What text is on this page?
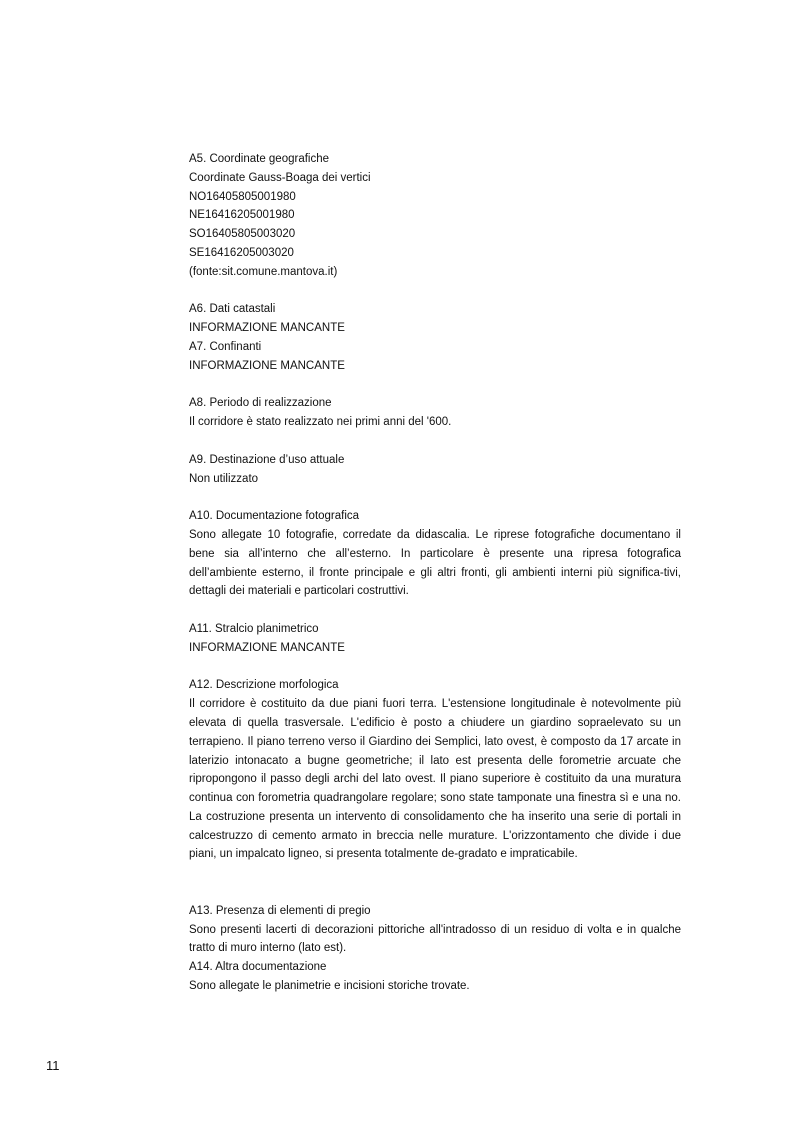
A5. Coordinate geografiche
Coordinate Gauss-Boaga dei vertici
NO16405805001980
NE16416205001980
SO16405805003020
SE16416205003020
(fonte:sit.comune.mantova.it)
A6. Dati catastali
INFORMAZIONE MANCANTE
A7. Confinanti
INFORMAZIONE MANCANTE
A8. Periodo di realizzazione
Il corridore è stato realizzato nei primi anni del '600.
A9. Destinazione d’uso attuale
Non utilizzato
A10. Documentazione fotografica

Sono allegate 10 fotografie, corredate da didascalia. Le riprese fotografiche documentano il bene sia all’interno che all’esterno. In particolare è presente una ripresa fotografica dell’ambiente esterno, il fronte principale e gli altri fronti, gli ambienti interni più significa-tivi, dettagli dei materiali e particolari costruttivi.

A11. Stralcio planimetrico
INFORMAZIONE MANCANTE
A12. Descrizione morfologica

Il corridore è costituito da due piani fuori terra. L'estensione longitudinale è notevolmente più elevata di quella trasversale. L'edificio è posto a chiudere un giardino sopraelevato su un terrapieno. Il piano terreno verso il Giardino dei Semplici, lato ovest, è composto da 17 arcate in laterizio intonacato a bugne geometriche; il lato est presenta delle forometrie arcuate che ripropongono il passo degli archi del lato ovest. Il piano superiore è costituito da una muratura continua con forometria quadrangolare regolare; sono state tamponate una finestra sì e una no. La costruzione presenta un intervento di consolidamento che ha inserito una serie di portali in calcestruzzo di cemento armato in breccia nelle murature. L'orizzontamento che divide i due piani, un impalcato ligneo, si presenta totalmente de-gradato e impraticabile.

A13. Presenza di elementi di pregio

Sono presenti lacerti di decorazioni pittoriche all'intradosso di un residuo di volta e in qualche tratto di muro interno (lato est).

A14. Altra documentazione
Sono allegate le planimetrie e incisioni storiche trovate.
11
